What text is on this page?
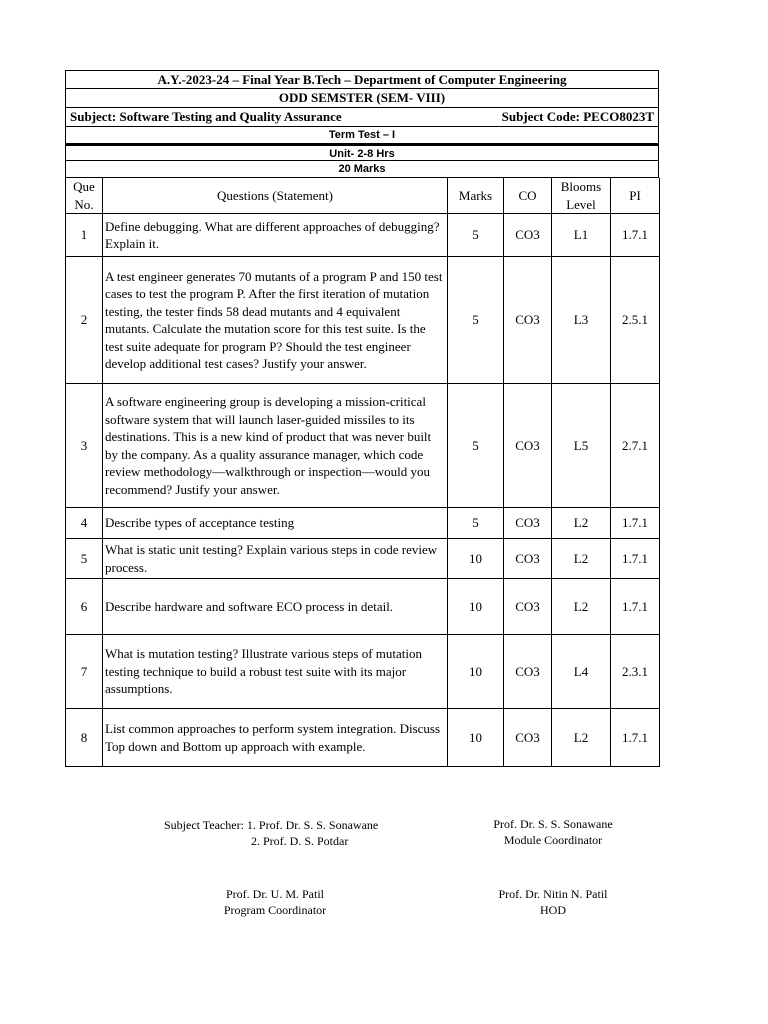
A.Y.-2023-24 – Final Year B.Tech – Department of Computer Engineering
ODD SEMSTER (SEM- VIII)
Subject: Software Testing and Quality Assurance	Subject Code: PECO8023T
Term Test – I
Unit- 2-8 Hrs
20 Marks
Que No.	Questions (Statement)	Marks	CO	Blooms Level	PI
1	Define debugging. What are different approaches of debugging? Explain it.	5	CO3	L1	1.7.1
2	A test engineer generates 70 mutants of a program P and 150 test cases to test the program P. After the first iteration of mutation testing, the tester finds 58 dead mutants and 4 equivalent mutants. Calculate the mutation score for this test suite. Is the test suite adequate for program P? Should the test engineer develop additional test cases? Justify your answer.	5	CO3	L3	2.5.1
3	A software engineering group is developing a mission-critical software system that will launch laser-guided missiles to its destinations. This is a new kind of product that was never built by the company. As a quality assurance manager, which code review methodology—walkthrough or inspection—would you recommend? Justify your answer.	5	CO3	L5	2.7.1
4	Describe types of acceptance testing	5	CO3	L2	1.7.1
5	What is static unit testing? Explain various steps in code review process.	10	CO3	L2	1.7.1
6	Describe hardware and software ECO process in detail.	10	CO3	L2	1.7.1
7	What is mutation testing? Illustrate various steps of mutation testing technique to build a robust test suite with its major assumptions.	10	CO3	L4	2.3.1
8	List common approaches to perform system integration. Discuss Top down and Bottom up approach with example.	10	CO3	L2	1.7.1
Subject Teacher: 1. Prof. Dr. S. S. Sonawane
2. Prof. D. S. Potdar
Prof. Dr. S. S. Sonawane
Module Coordinator
Prof. Dr. U. M. Patil
Program Coordinator
Prof. Dr. Nitin N. Patil
HOD
